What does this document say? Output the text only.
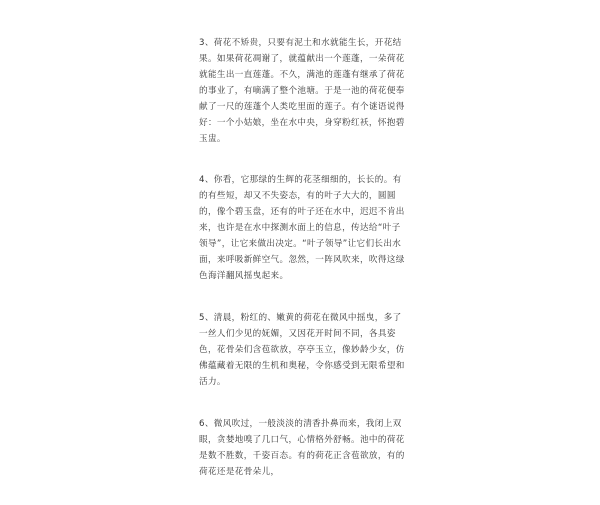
3、荷花不矫贵，只要有泥土和水就能生长，开花结果。如果荷花凋谢了，就蕴献出一个莲蓬，一朵荷花就能生出一直莲蓬。不久，满池的莲蓬有继承了荷花的事业了，有嘀满了整个池塘。于是一池的荷花便奉献了一尺的莲蓬个人类吃里面的莲子。有个谜语说得好：一个小姑娘，坐在水中央，身穿粉红袄，怀抱碧玉盅。

4、你看，它那绿的生辉的花茎细细的，长长的。有的有些短，却又不失姿态，有的叶子大大的，圆圆的，像个碧玉盘，还有的叶子还在水中，迟迟不肯出来，也许是在水中探测水面上的信息，传达给“叶子领导”，让它来做出决定。“叶子领导”让它们长出水面，来呼吸新鲜空气。忽然，一阵风吹来，吹得这绿色海洋翻风摇曳起来。

5、清晨，粉红的、嫩黄的荷花在微风中摇曳，多了一丝人们少见的妩媚，又因花开时间不同，各具姿色，花骨朵们含苞欲放，亭亭玉立，像妙龄少女，仿佛蕴藏着无限的生机和奥秘，令你感受到无限希望和活力。

6、微风吹过，一般淡淡的清香扑鼻而来，我闭上双眼，贪婪地嗅了几口气，心情格外舒畅。池中的荷花是数不胜数，千姿百态。有的荷花正含苞欲放，有的荷花还是花骨朵儿，
